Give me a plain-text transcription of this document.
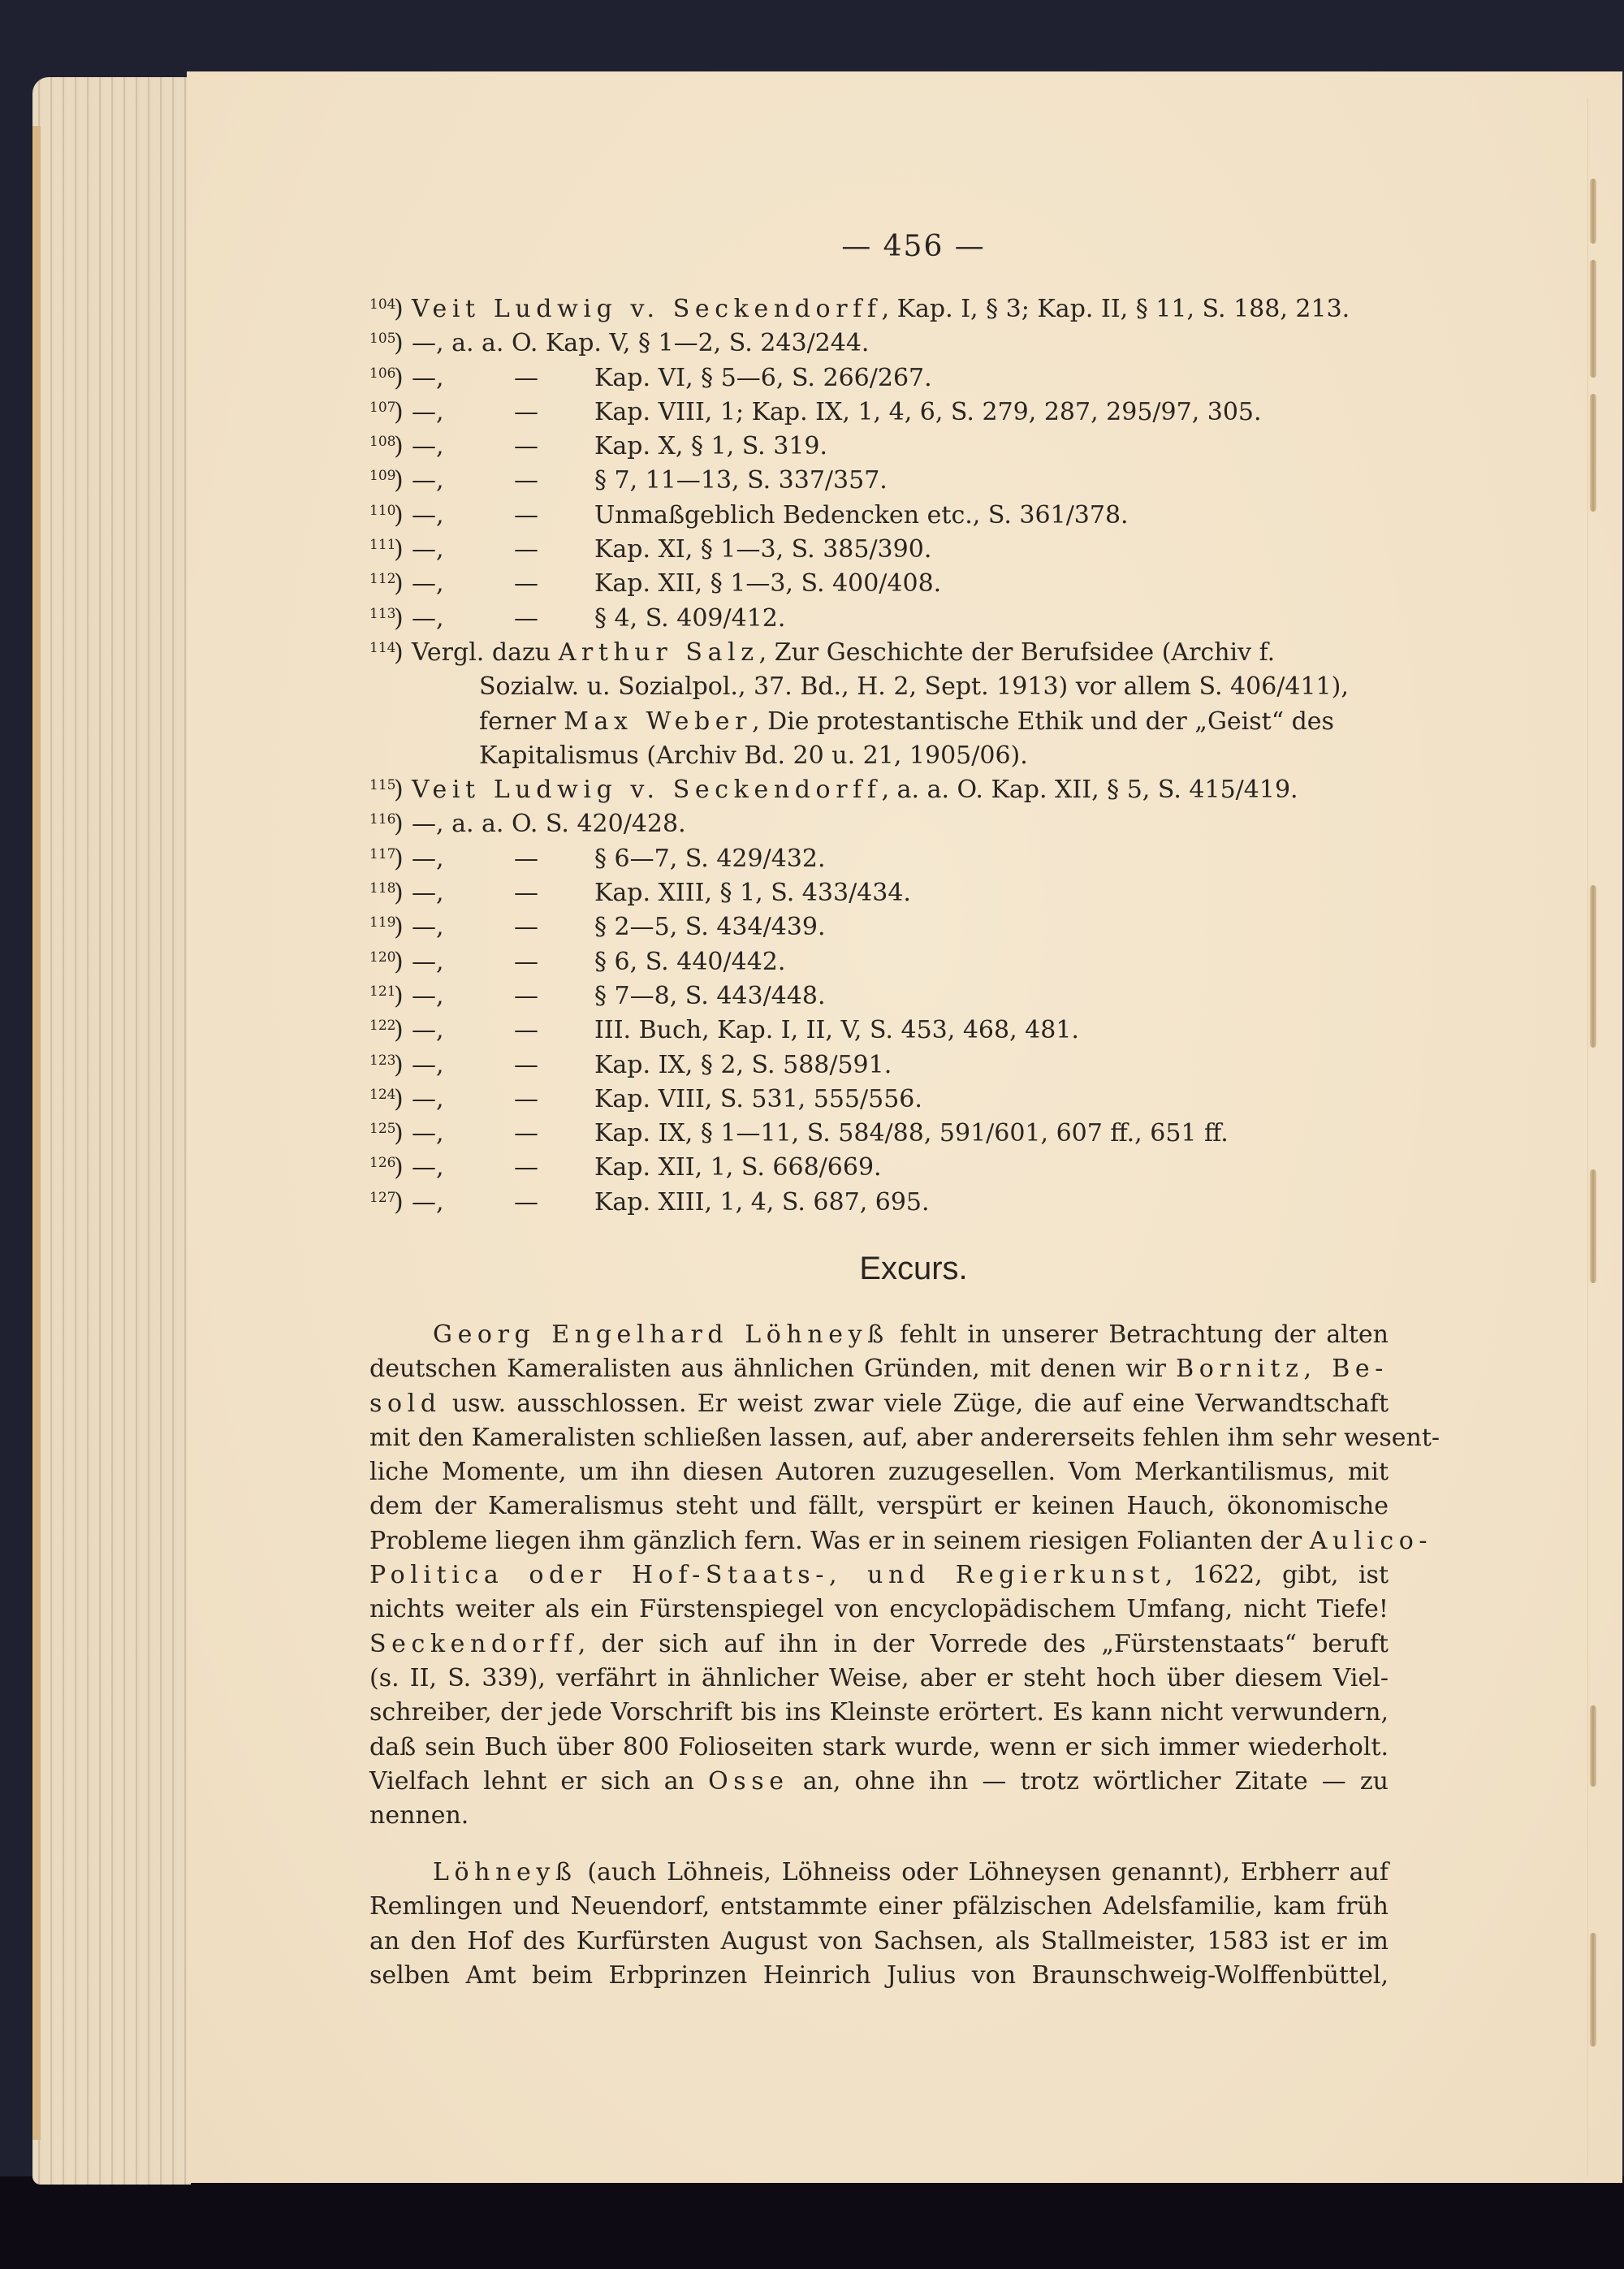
— 456 —
104
) Veit Ludwig v. Seckendorff, Kap. I, § 3; Kap. II, § 11, S. 188, 213.
105
) —, a. a. O. Kap. V, § 1—2, S. 243/244.
106
) —,	— Kap. VI, § 5—6, S. 266/267.
107
) —,	— Kap. VIII, 1; Kap. IX, 1, 4, 6, S. 279, 287, 295/97, 305.
108
) —,	— Kap. X, § 1, S. 319.
109
) —,	— § 7, 11—13, S. 337/357.
110
) —,	— Unmaßgeblich Bedencken etc., S. 361/378.
111
) —,	— Kap. XI, § 1—3, S. 385/390.
112
) —,	— Kap. XII, § 1—3, S. 400/408.
113
) —,	— § 4, S. 409/412.
114
) Vergl. dazu Arthur Salz, Zur Geschichte der Berufsidee (Archiv f.
Sozialw. u. Sozialpol., 37. Bd., H. 2, Sept. 1913) vor allem S. 406/411),
ferner Max Weber, Die protestantische Ethik und der „Geist“ des
Kapitalismus (Archiv Bd. 20 u. 21, 1905/06).
115
) Veit Ludwig v. Seckendorff, a. a. O. Kap. XII, § 5, S. 415/419.
116
) —, a. a. O. S. 420/428.
117
) —,	— § 6—7, S. 429/432.
118
) —,	— Kap. XIII, § 1, S. 433/434.
119
) —,	— § 2—5, S. 434/439.
120
) —,	— § 6, S. 440/442.
121
) —,	— § 7—8, S. 443/448.
122
) —,	— III. Buch, Kap. I, II, V, S. 453, 468, 481.
123
) —,	— Kap. IX, § 2, S. 588/591.
124
) —,	— Kap. VIII, S. 531, 555/556.
125
) —,	— Kap. IX, § 1—11, S. 584/88, 591/601, 607 ff., 651 ff.
126
) —,	— Kap. XII, 1, S. 668/669.
127
) —,	— Kap. XIII, 1, 4, S. 687, 695.
Excurs.
Georg Engelhard Löhneyß fehlt in unserer Betrachtung der alten
deutschen Kameralisten aus ähnlichen Gründen, mit denen wir Bornitz, Be-
sold usw. ausschlossen. Er weist zwar viele Züge, die auf eine Verwandtschaft
mit den Kameralisten schließen lassen, auf, aber andererseits fehlen ihm sehr wesent-
liche Momente, um ihn diesen Autoren zuzugesellen. Vom Merkantilismus, mit
dem der Kameralismus steht und fällt, verspürt er keinen Hauch, ökonomische
Probleme liegen ihm gänzlich fern. Was er in seinem riesigen Folianten der Aulico-
Politica oder Hof-Staats-, und Regierkunst, 1622, gibt, ist
nichts weiter als ein Fürstenspiegel von encyclopädischem Umfang, nicht Tiefe!
Seckendorff, der sich auf ihn in der Vorrede des „Fürstenstaats“ beruft
(s. II, S. 339), verfährt in ähnlicher Weise, aber er steht hoch über diesem Viel-
schreiber, der jede Vorschrift bis ins Kleinste erörtert. Es kann nicht verwundern,
daß sein Buch über 800 Folioseiten stark wurde, wenn er sich immer wiederholt.
Vielfach lehnt er sich an Osse an, ohne ihn — trotz wörtlicher Zitate — zu
nennen.
Löhneyß (auch Löhneis, Löhneiss oder Löhneysen genannt), Erbherr auf
Remlingen und Neuendorf, entstammte einer pfälzischen Adelsfamilie, kam früh
an den Hof des Kurfürsten August von Sachsen, als Stallmeister, 1583 ist er im
selben Amt beim Erbprinzen Heinrich Julius von Braunschweig-Wolffenbüttel,
